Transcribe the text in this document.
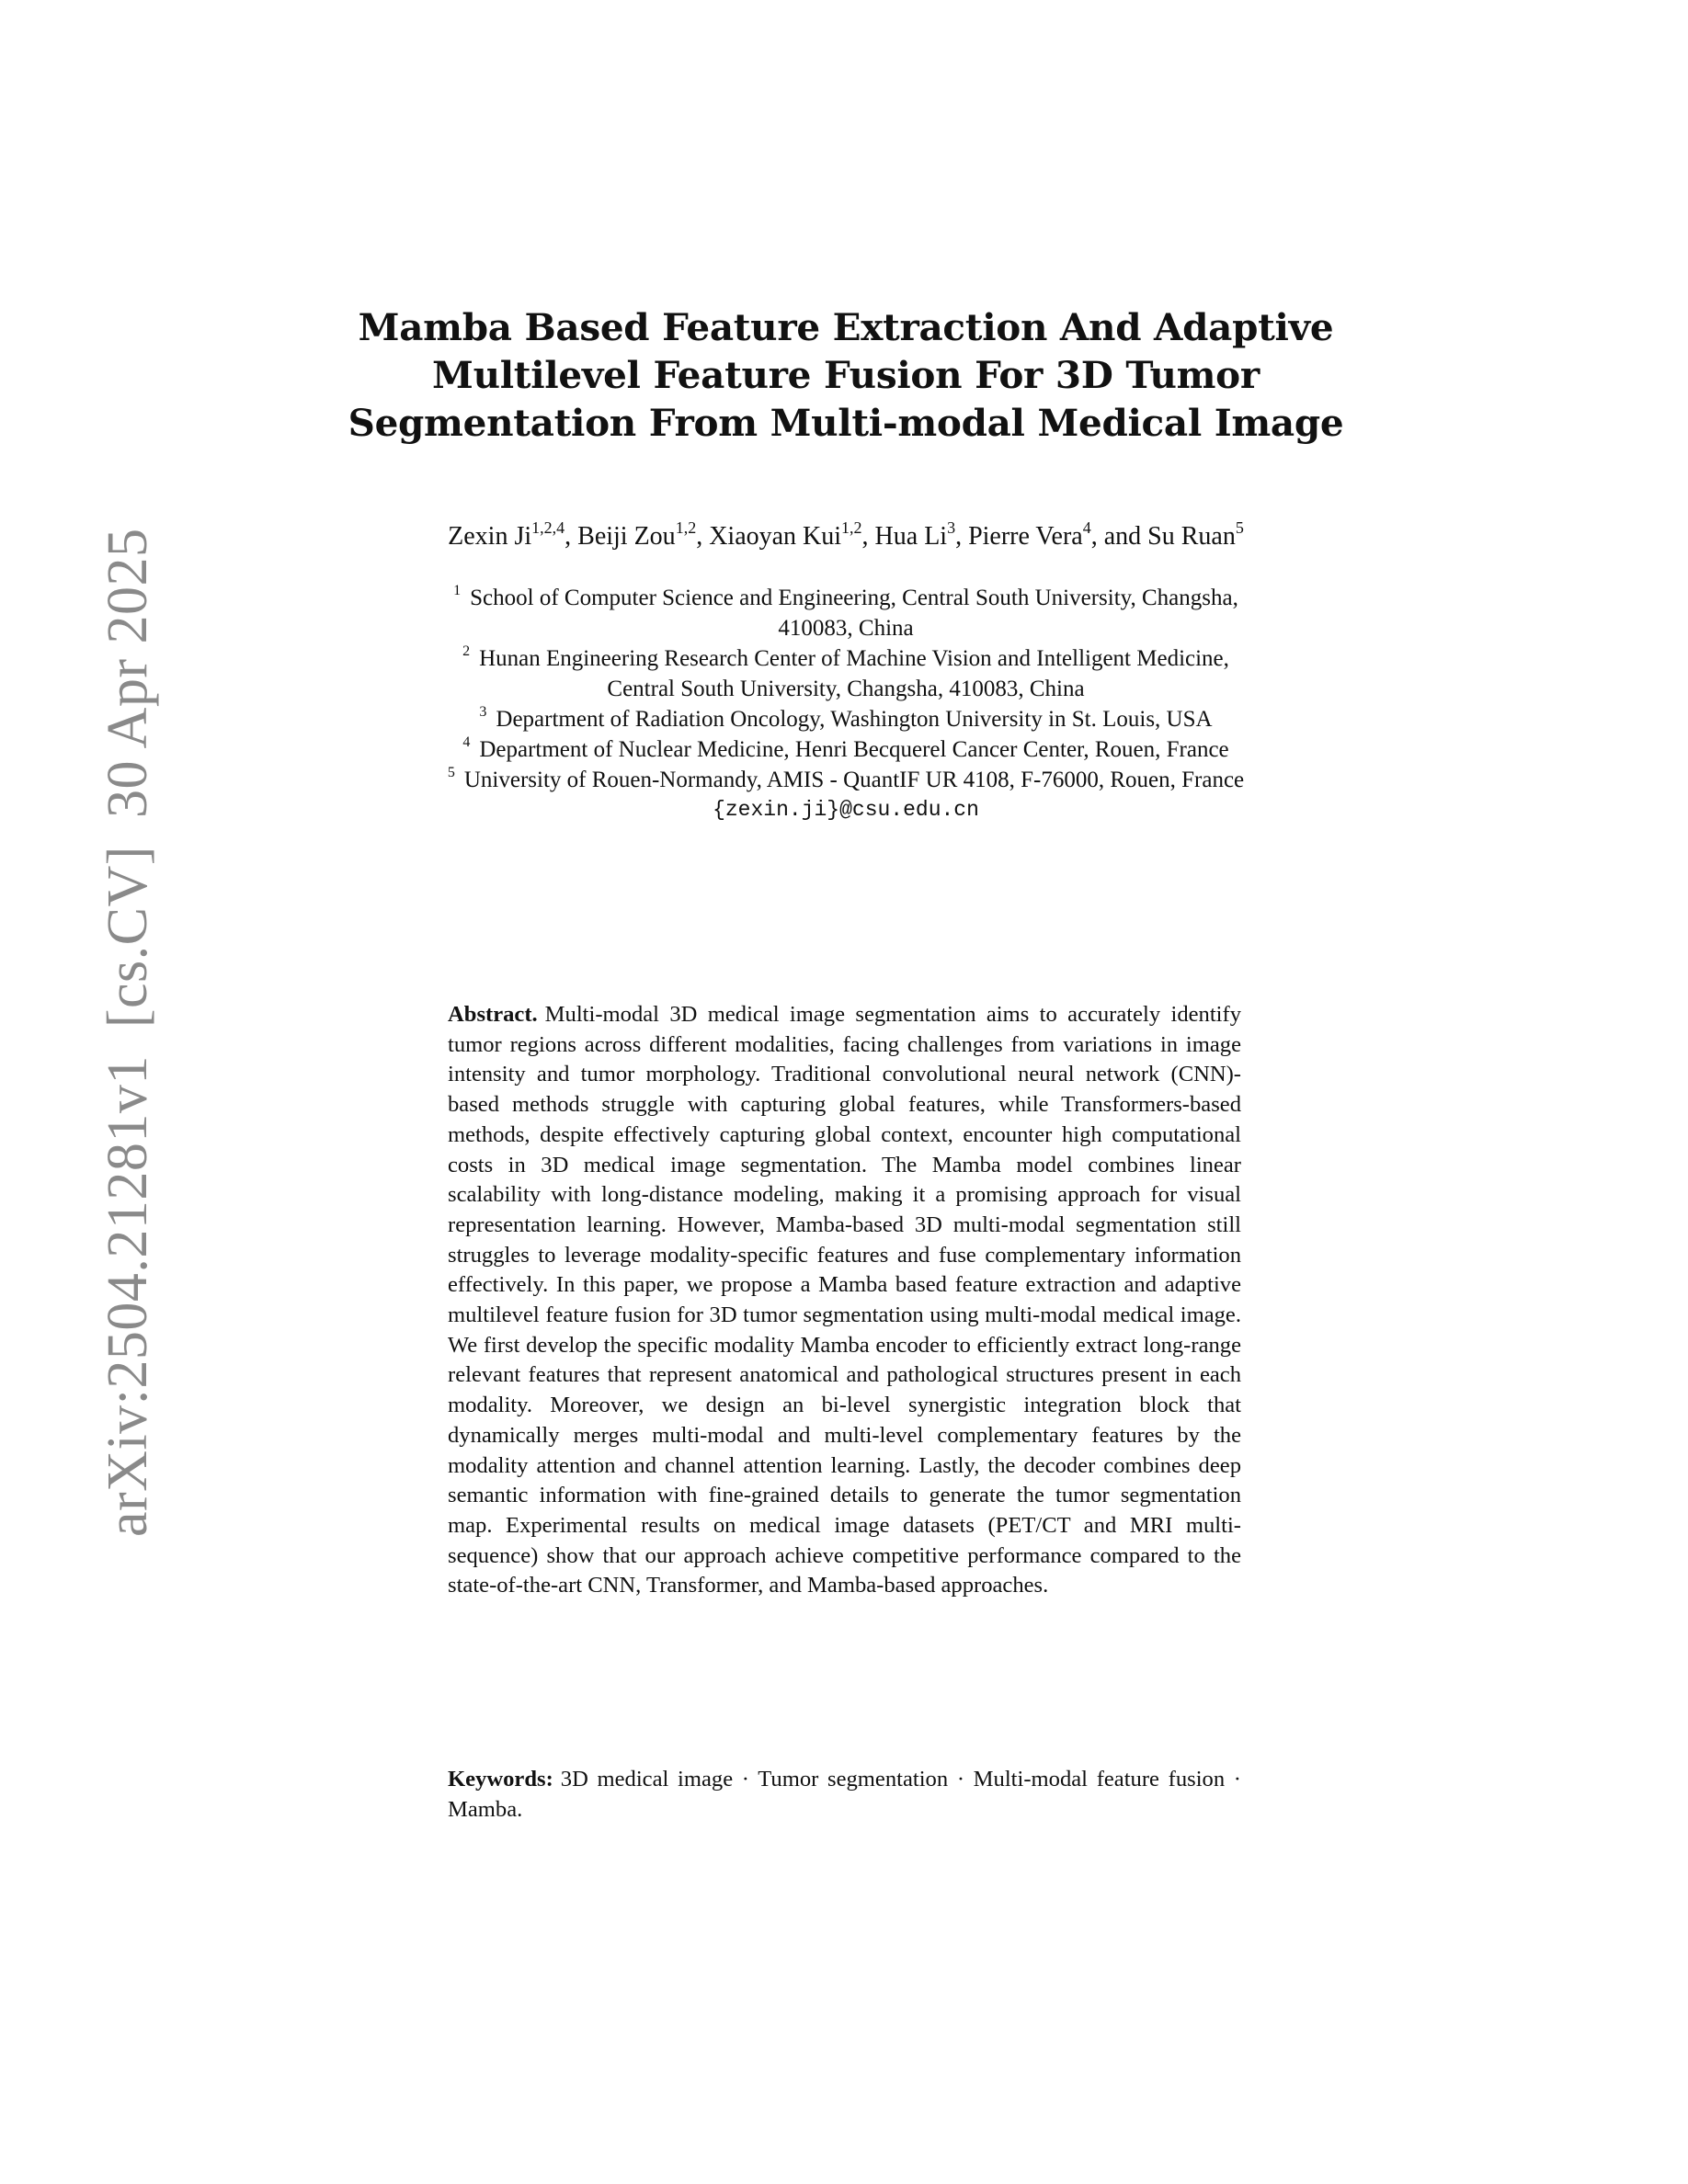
arXiv:2504.21281v1[cs.CV]30 Apr 2025
Mamba Based Feature Extraction And Adaptive
Multilevel Feature Fusion For 3D Tumor
Segmentation From Multi-modal Medical Image
Zexin Ji$^{1,2,4}$, Beiji Zou$^{1,2}$, Xiaoyan Kui$^{1,2}$, Hua Li$^3$, Pierre Vera$^4$, and Su Ruan$^5$
$^1$ School of Computer Science and Engineering, Central South University, Changsha,
410083, China
$^2$ Hunan Engineering Research Center of Machine Vision and Intelligent Medicine,
Central South University, Changsha, 410083, China
$^3$ Department of Radiation Oncology, Washington University in St. Louis, USA
$^4$ Department of Nuclear Medicine, Henri Becquerel Cancer Center, Rouen, France
$^5$ University of Rouen-Normandy, AMIS - QuantIF UR 4108, F-76000, Rouen, France
{zexin.ji}@csu.edu.cn
Abstract. Multi-modal 3D medical image segmentation aims to accurately identify tumor regions across different modalities, facing challenges from variations in image intensity and tumor morphology. Traditional convolutional neural network (CNN)-based methods struggle with capturing global features, while Transformers-based methods, despite effectively capturing global context, encounter high computational costs in 3D medical image segmentation. The Mamba model combines linear scalability with long-distance modeling, making it a promising approach for visual representation learning. However, Mamba-based 3D multi-modal segmentation still struggles to leverage modality-specific features and fuse complementary information effectively. In this paper, we propose a Mamba based feature extraction and adaptive multilevel feature fusion for 3D tumor segmentation using multi-modal medical image. We first develop the specific modality Mamba encoder to efficiently extract long-range relevant features that represent anatomical and pathological structures present in each modality. Moreover, we design an bi-level synergistic integration block that dynamically merges multi-modal and multi-level complementary features by the modality attention and channel attention learning. Lastly, the decoder combines deep semantic information with fine-grained details to generate the tumor segmentation map. Experimental results on medical image datasets (PET/CT and MRI multi-sequence) show that our approach achieve competitive performance compared to the state-of-the-art CNN, Transformer, and Mamba-based approaches.
Keywords: 3D medical image · Tumor segmentation · Multi-modal feature fusion · Mamba.
